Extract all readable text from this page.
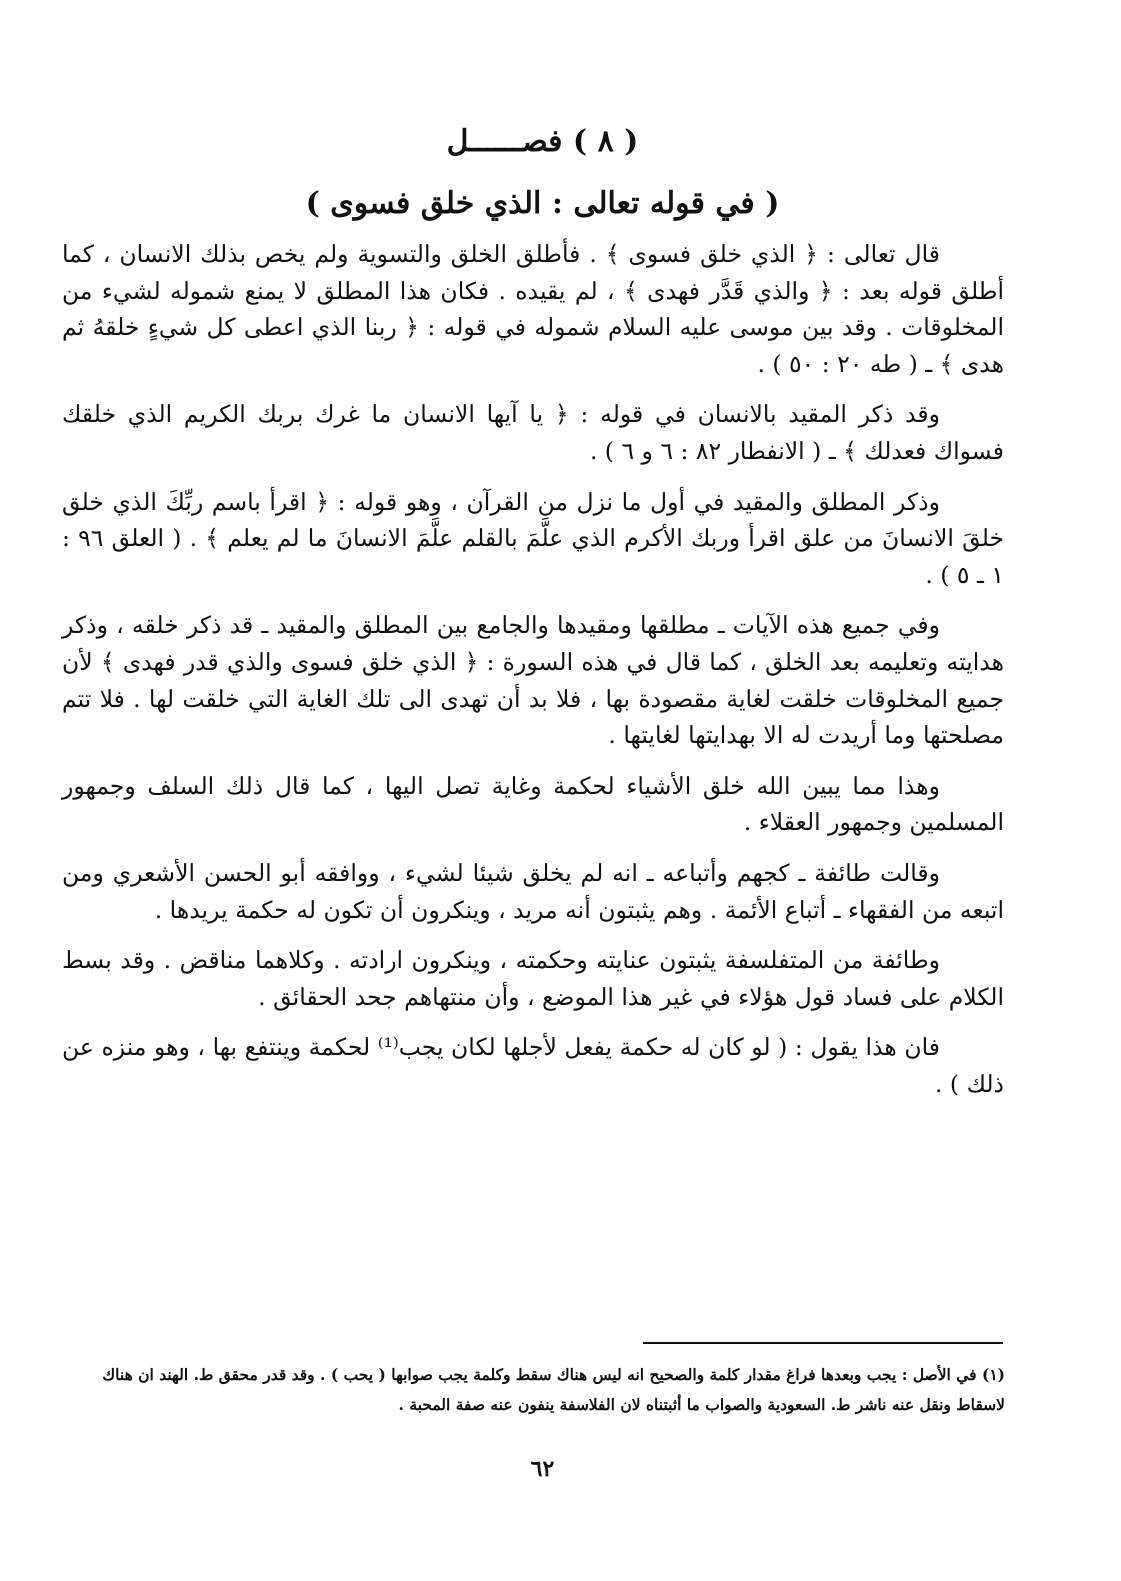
( ٨ ) فصــــــل
( في قوله تعالى : الذي خلق فسوى )

قال تعالى : ﴿ الذي خلق فسوى ﴾ . فأطلق الخلق والتسوية ولم يخص بذلك الانسان ، كما أطلق قوله بعد : ﴿ والذي قَدَّر فهدى ﴾ ، لم يقيده . فكان هذا المطلق لا يمنع شموله لشيء من المخلوقات . وقد بين موسى عليه السلام شموله في قوله : ﴿ ربنا الذي اعطى كل شيءٍ خلقهُ ثم هدى ﴾ ـ ( طه ٢٠ : ٥٠ ) .

وقد ذكر المقيد بالانسان في قوله : ﴿ يا آيها الانسان ما غرك بربك الكريم الذي خلقك فسواك فعدلك ﴾ ـ ( الانفطار ٨٢ : ٦ و ٦ ) .

وذكر المطلق والمقيد في أول ما نزل من القرآن ، وهو قوله : ﴿ اقرأ باسم ربِّكَ الذي خلق خلقَ الانسانَ من علق اقرأ وربك الأكرم الذي علَّمَ بالقلم علَّمَ الانسانَ ما لم يعلم ﴾ . ( العلق ٩٦ : ١ ـ ٥ ) .

وفي جميع هذه الآيات ـ مطلقها ومقيدها والجامع بين المطلق والمقيد ـ قد ذكر خلقه ، وذكر هدايته وتعليمه بعد الخلق ، كما قال في هذه السورة : ﴿ الذي خلق فسوى والذي قدر فهدى ﴾ لأن جميع المخلوقات خلقت لغاية مقصودة بها ، فلا بد أن تهدى الى تلك الغاية التي خلقت لها . فلا تتم مصلحتها وما أريدت له الا بهدايتها لغايتها .

وهذا مما يبين الله خلق الأشياء لحكمة وغاية تصل اليها ، كما قال ذلك السلف وجمهور المسلمين وجمهور العقلاء .

وقالت طائفة ـ كجهم وأتباعه ـ انه لم يخلق شيئا لشيء ، ووافقه أبو الحسن الأشعري ومن اتبعه من الفقهاء ـ أتباع الأئمة . وهم يثبتون أنه مريد ، وينكرون أن تكون له حكمة يريدها .

وطائفة من المتفلسفة يثبتون عنايته وحكمته ، وينكرون ارادته . وكلاهما مناقض . وقد بسط الكلام على فساد قول هؤلاء في غير هذا الموضع ، وأن منتهاهم جحد الحقائق .

فان هذا يقول : ( لو كان له حكمة يفعل لأجلها لكان يجب⁽¹⁾ لحكمة وينتفع بها ، وهو منزه عن ذلك ) .

(١) في الأصل : يجب وبعدها فراغ مقدار كلمة والصحيح انه ليس هناك سقط وكلمة يجب صوابها ( يحب ) . وقد قدر محقق ط. الهند ان هناك لاسقاط ونقل عنه ناشر ط. السعودية والصواب ما أثبتناه لان الفلاسفة ينفون عنه صفة المحبة .
٦٢
